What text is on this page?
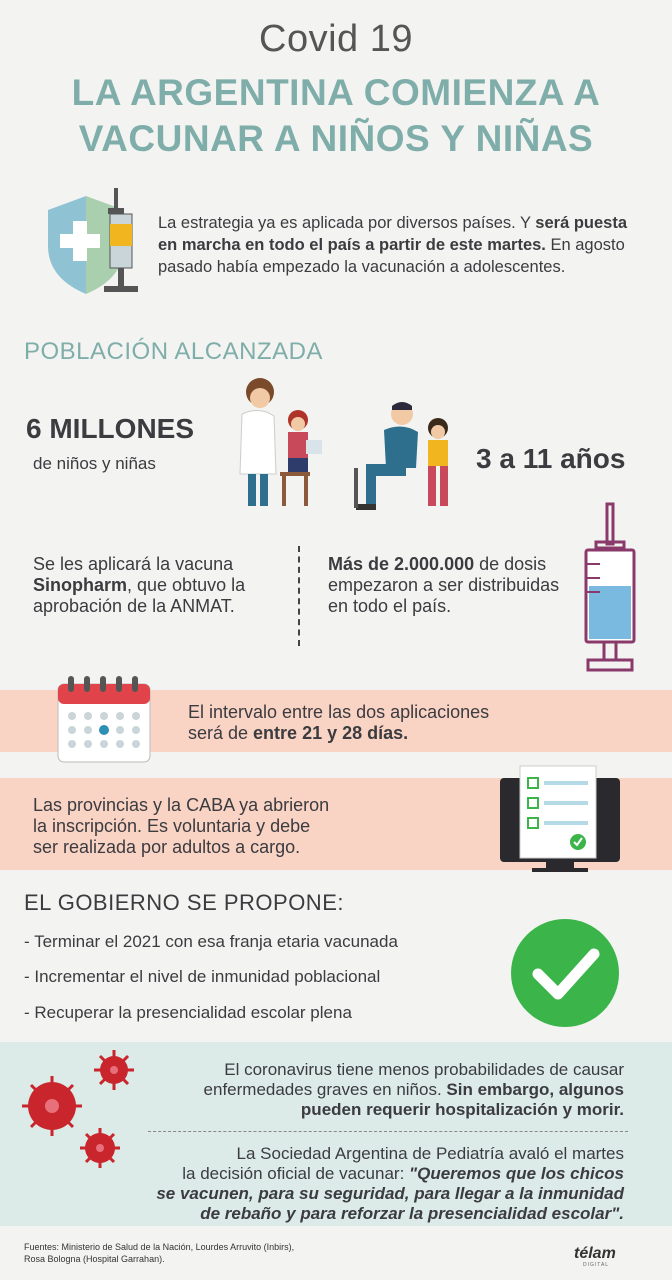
Covid 19
LA ARGENTINA COMIENZA A
VACUNAR A NIÑOS Y NIÑAS
La estrategia ya es aplicada por diversos países. Y será puesta en marcha en todo el país a partir de este martes. En agosto pasado había empezado la vacunación a adolescentes.
POBLACIÓN ALCANZADA
6 MILLONES
de niños y niñas	3 a 11 años
Se les aplicará la vacuna Sinopharm, que obtuvo la aprobación de la ANMAT.
Más de 2.000.000 de dosis empezaron a ser distribuidas en todo el país.
El intervalo entre las dos aplicaciones
será de entre 21 y 28 días.
Las provincias y la CABA ya abrieron
la inscripción. Es voluntaria y debe
ser realizada por adultos a cargo.
EL GOBIERNO SE PROPONE:
- Terminar el 2021 con esa franja etaria vacunada
- Incrementar el nivel de inmunidad poblacional
- Recuperar la presencialidad escolar plena
El coronavirus tiene menos probabilidades de causar
enfermedades graves en niños. Sin embargo, algunos
pueden requerir hospitalización y morir.
La Sociedad Argentina de Pediatría avaló el martes
la decisión oficial de vacunar: "Queremos que los chicos
se vacunen, para su seguridad, para llegar a la inmunidad
de rebaño y para reforzar la presencialidad escolar".
Fuentes: Ministerio de Salud de la Nación, Lourdes Arruvito (Inbirs),
Rosa Bologna (Hospital Garrahan).	télam
DIGITAL
